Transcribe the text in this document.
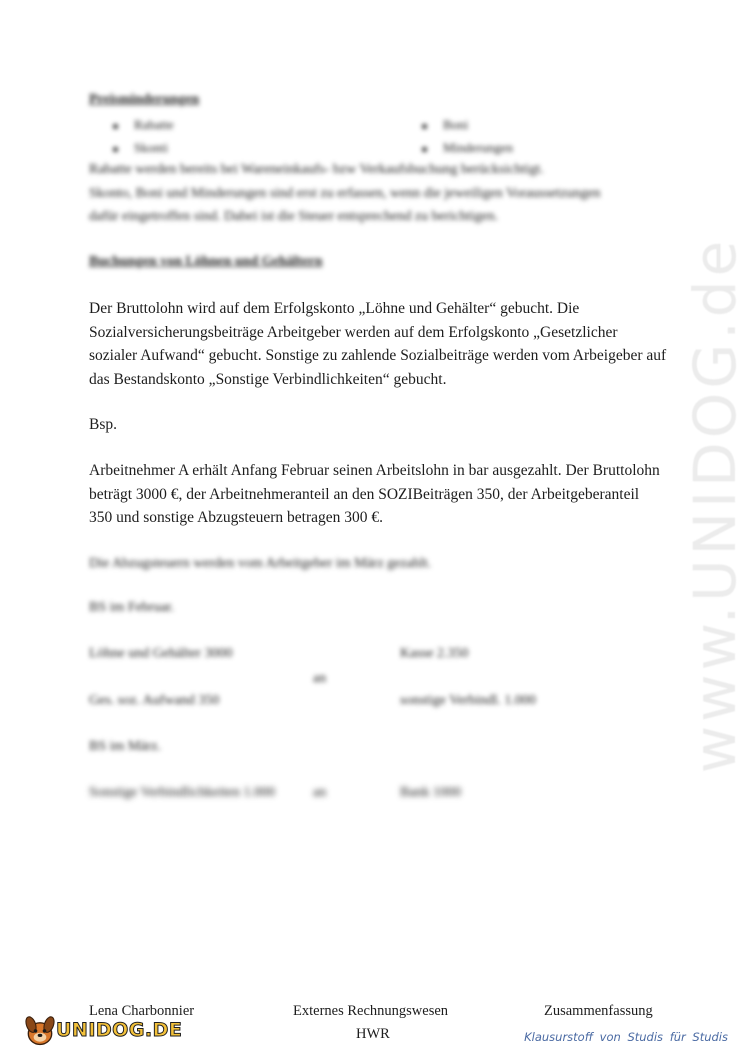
www.UNIDOG.de
Preisminderungen
Rabatte	Boni
Skonti	Minderungen
Rabatte werden bereits bei Wareneinkaufs- bzw Verkaufsbuchung berücksichtigt.
Skonto, Boni und Minderungen sind erst zu erfassen, wenn die jeweiligen Voraussetzungen
dafür eingetroffen sind. Dabei ist die Steuer entsprechend zu berichtigen.
Buchungen von Löhnen und Gehältern

Der Bruttolohn wird auf dem Erfolgskonto „Löhne und Gehälter“ gebucht. Die

Sozialversicherungsbeiträge Arbeitgeber werden auf dem Erfolgskonto „Gesetzlicher

sozialer Aufwand“ gebucht. Sonstige zu zahlende Sozialbeiträge werden vom Arbeigeber auf

das Bestandskonto „Sonstige Verbindlichkeiten“ gebucht.

Bsp.

Arbeitnehmer A erhält Anfang Februar seinen Arbeitslohn in bar ausgezahlt. Der Bruttolohn

beträgt 3000 €, der Arbeitnehmeranteil an den SOZIBeiträgen 350, der Arbeitgeberanteil

350 und sonstige Abzugsteuern betragen 300 €.

Die Abzugsteuern werden vom Arbeitgeber im März gezahlt.
BS im Februar.
Löhne und Gehälter 3000	Kasse 2.350
an
Ges. soz. Aufwand 350	sonstige Verbindl. 1.000
BS im März.
Sonstige Verbindlichkeiten 1.000	an	Bank 1000
Lena Charbonnier	Externes Rechnungswesen	Zusammenfassung
HWR
UNIDOG.DE	Klausurstoff von Studis für Studis
